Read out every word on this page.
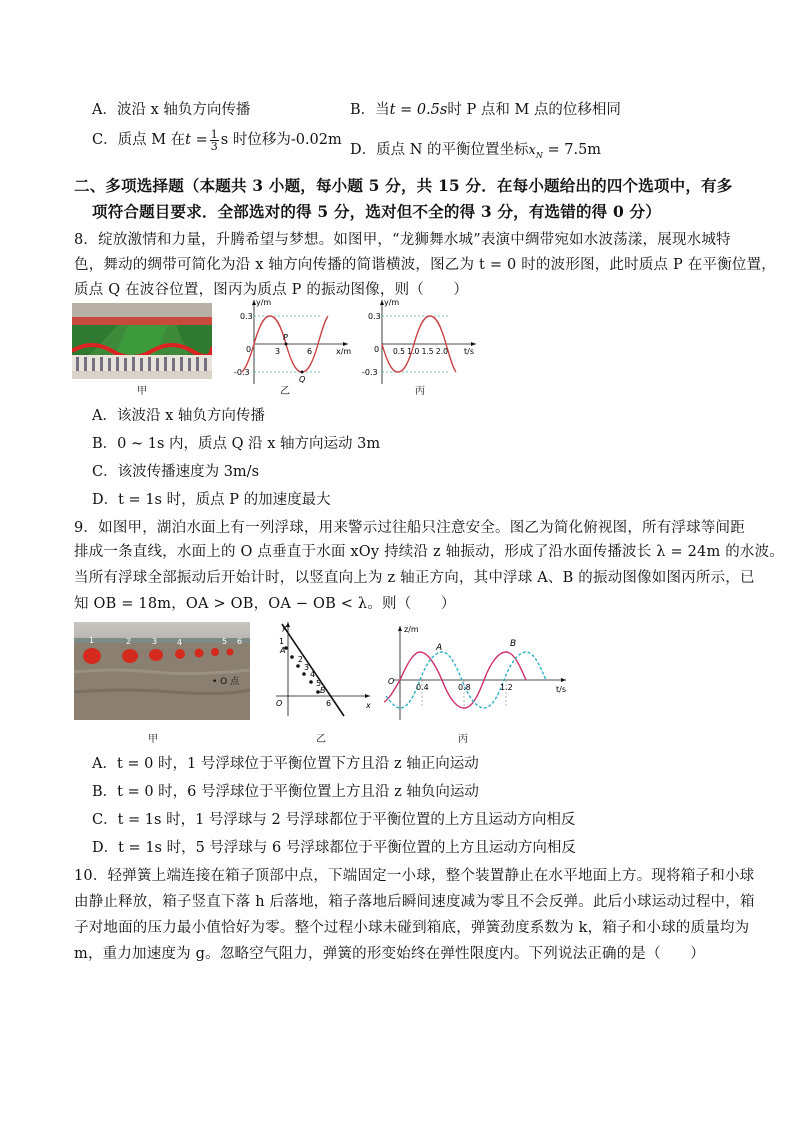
A．波沿 x 轴负方向传播	B．当t = 0.5s时 P 点和 M 点的位移相同
C．质点 M 在$t = \frac{1}{3}$ s 时位移为-0.02m
D．质点 N 的平衡位置坐标$x_N = 7.5m$
二、多项选择题（本题共 3 小题，每小题 5 分，共 15 分．在每小题给出的四个选项中，有多
项符合题目要求．全部选对的得 5 分，选对但不全的得 3 分，有选错的得 0 分）
8．绽放激情和力量，升腾希望与梦想。如图甲，“龙狮舞水城”表演中绸带宛如水波荡漾，展现水城特
色，舞动的绸带可简化为沿 x 轴方向传播的简谐横波，图乙为 t = 0 时的波形图，此时质点 P 在平衡位置，
质点 Q 在波谷位置，图丙为质点 P 的振动图像，则（　　）
甲
y/m
x/m
0.3
-0.3
0	3	6
P
Q
乙
y/m
t/s
0.3
-0.3
0 0.5 1.0 1.5 2.0
丙
A．该波沿 x 轴负方向传播
B．0 ~ 1s 内，质点 Q 沿 x 轴方向运动 3m
C．该波传播速度为 3m/s
D．t = 1s 时，质点 P 的加速度最大
9．如图甲，湖泊水面上有一列浮球，用来警示过往船只注意安全。图乙为简化俯视图，所有浮球等间距
排成一条直线，水面上的 O 点垂直于水面 xOy 持续沿 z 轴振动，形成了沿水面传播波长 λ = 24m 的水波。
当所有浮球全部振动后开始计时，以竖直向上为 z 轴正方向，其中浮球 A、B 的振动图像如图丙所示，已
知 OB = 18m，OA > OB，OA − OB < λ。则（　　）
1	2	3 4	5 6
• O 点
甲
y
x
O
1
A
2
3
4
5
B
6
乙
z/m
t/s
O
A	B
0.4	0.8	1.2
丙
A．t = 0 时，1 号浮球位于平衡位置下方且沿 z 轴正向运动
B．t = 0 时，6 号浮球位于平衡位置上方且沿 z 轴负向运动
C．t = 1s 时，1 号浮球与 2 号浮球都位于平衡位置的上方且运动方向相反
D．t = 1s 时，5 号浮球与 6 号浮球都位于平衡位置的上方且运动方向相反
10．轻弹簧上端连接在箱子顶部中点，下端固定一小球，整个装置静止在水平地面上方。现将箱子和小球
由静止释放，箱子竖直下落 h 后落地，箱子落地后瞬间速度减为零且不会反弹。此后小球运动过程中，箱
子对地面的压力最小值恰好为零。整个过程小球未碰到箱底，弹簧劲度系数为 k，箱子和小球的质量均为
m，重力加速度为 g。忽略空气阻力，弹簧的形变始终在弹性限度内。下列说法正确的是（　　）
